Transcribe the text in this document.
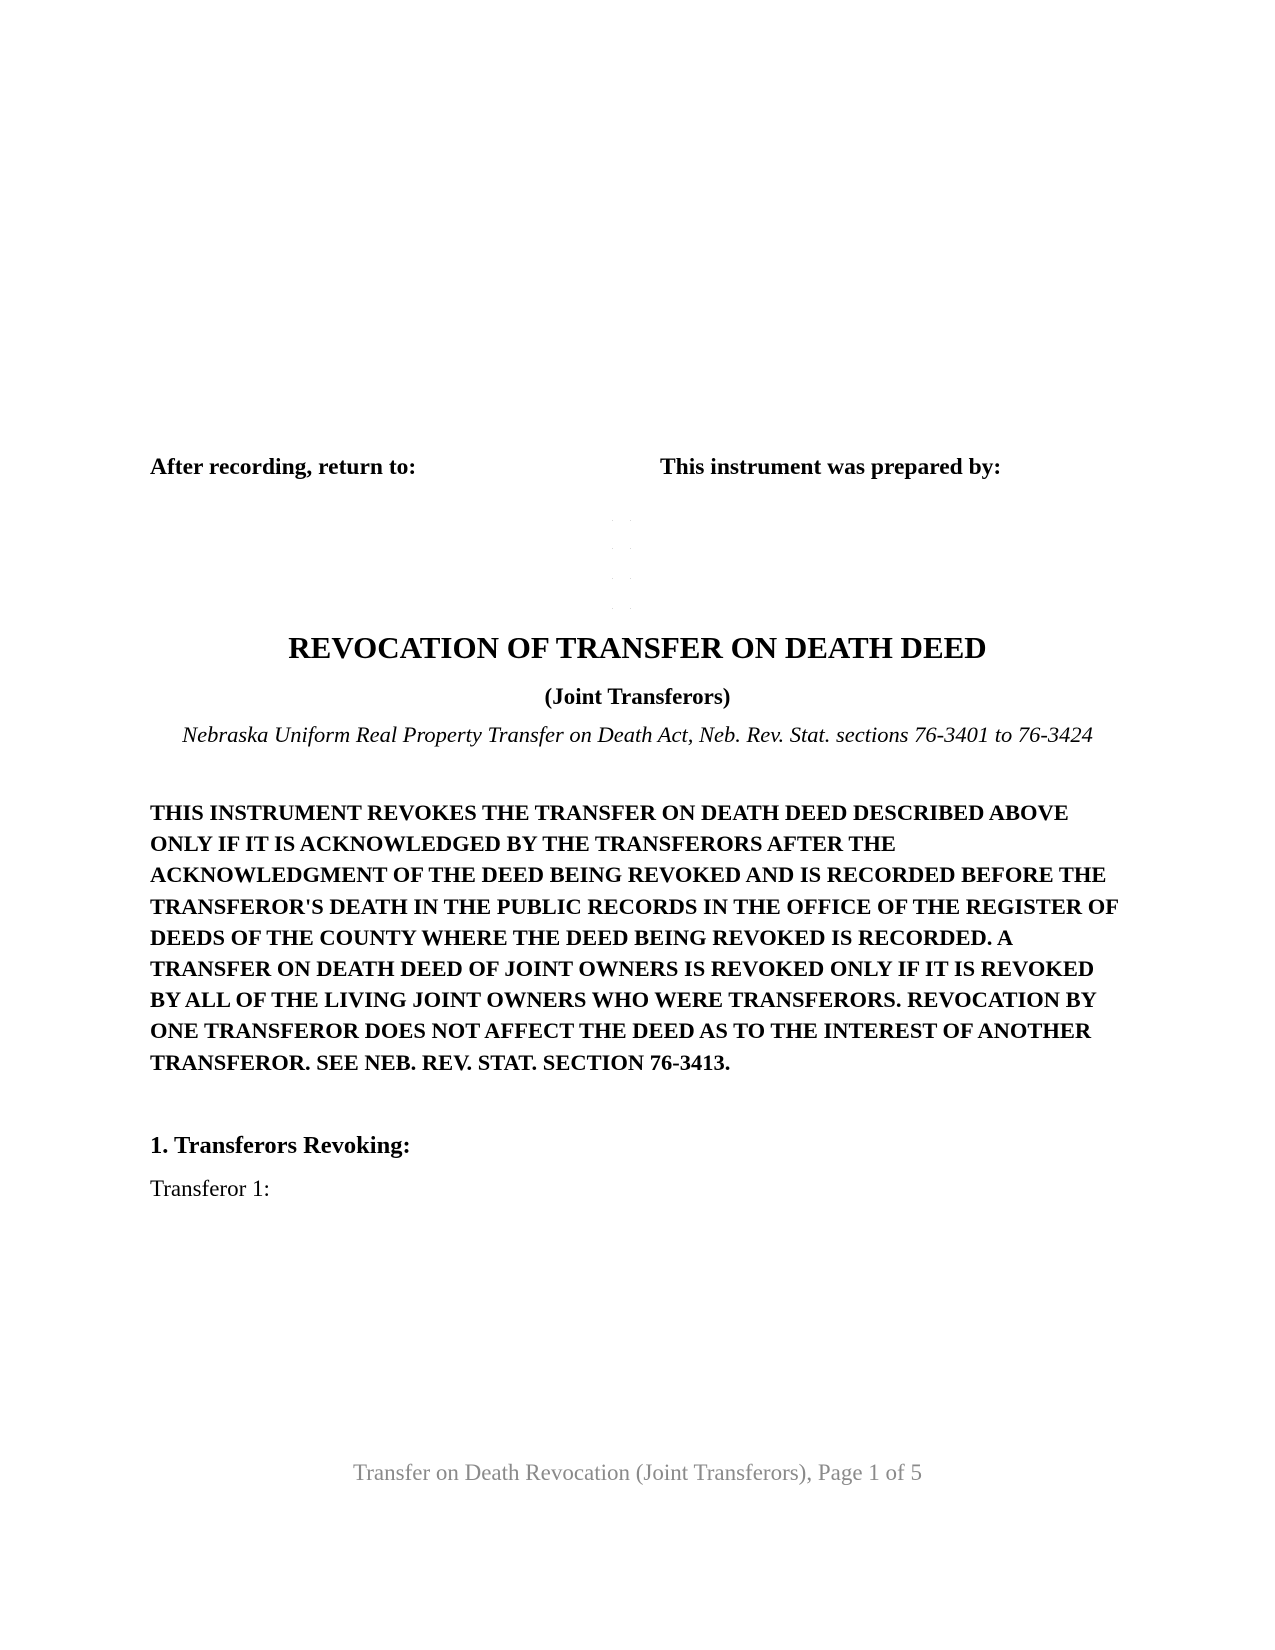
After recording, return to:	This instrument was prepared by:
REVOCATION OF TRANSFER ON DEATH DEED
(Joint Transferors)
Nebraska Uniform Real Property Transfer on Death Act, Neb. Rev. Stat. sections 76-3401 to 76-3424
THIS INSTRUMENT REVOKES THE TRANSFER ON DEATH DEED DESCRIBED ABOVE ONLY IF IT IS ACKNOWLEDGED BY THE TRANSFERORS AFTER THE ACKNOWLEDGMENT OF THE DEED BEING REVOKED AND IS RECORDED BEFORE THE TRANSFEROR'S DEATH IN THE PUBLIC RECORDS IN THE OFFICE OF THE REGISTER OF DEEDS OF THE COUNTY WHERE THE DEED BEING REVOKED IS RECORDED. A TRANSFER ON DEATH DEED OF JOINT OWNERS IS REVOKED ONLY IF IT IS REVOKED BY ALL OF THE LIVING JOINT OWNERS WHO WERE TRANSFERORS. REVOCATION BY ONE TRANSFEROR DOES NOT AFFECT THE DEED AS TO THE INTEREST OF ANOTHER TRANSFEROR. SEE NEB. REV. STAT. SECTION 76-3413.
1. Transferors Revoking:
Transferor 1:
Transfer on Death Revocation (Joint Transferors), Page 1 of 5
